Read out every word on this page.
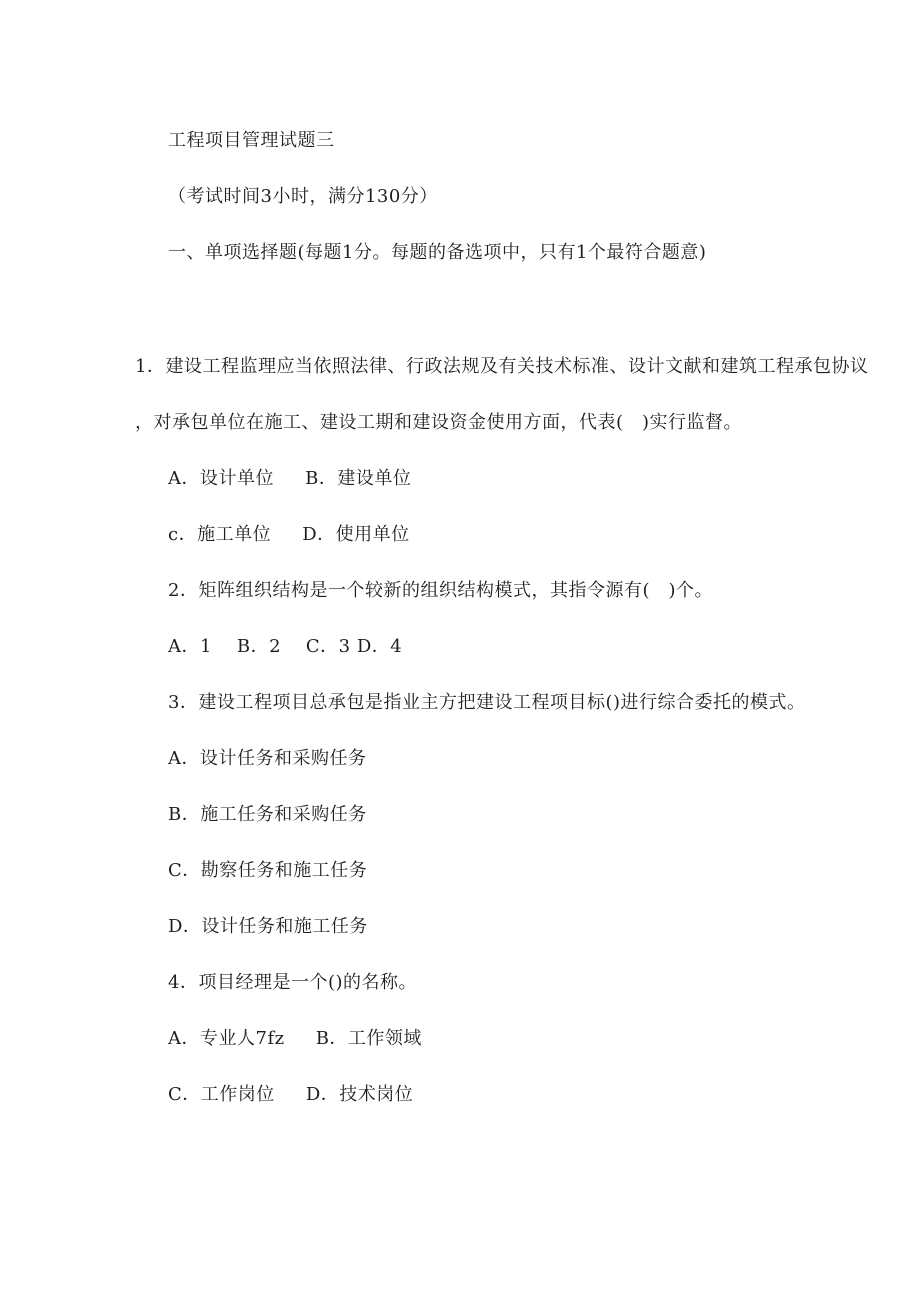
工程项目管理试题三
（考试时间3小时，满分130分）
一、单项选择题(每题1分。每题的备选项中，只有1个最符合题意)
1．建设工程监理应当依照法律、行政法规及有关技术标准、设计文献和建筑工程承包协议
，对承包单位在施工、建设工期和建设资金使用方面，代表(　)实行监督。
A．设计单位     B．建设单位
c．施工单位     D．使用单位
2．矩阵组织结构是一个较新的组织结构模式，其指令源有(　)个。
A．1    B．2    C．3 D．4
3．建设工程项目总承包是指业主方把建设工程项目标()进行综合委托的模式。
A．设计任务和采购任务
B．施工任务和采购任务
C．勘察任务和施工任务
D．设计任务和施工任务
4．项目经理是一个()的名称。
A．专业人7fz     B．工作领域
C．工作岗位     D．技术岗位
